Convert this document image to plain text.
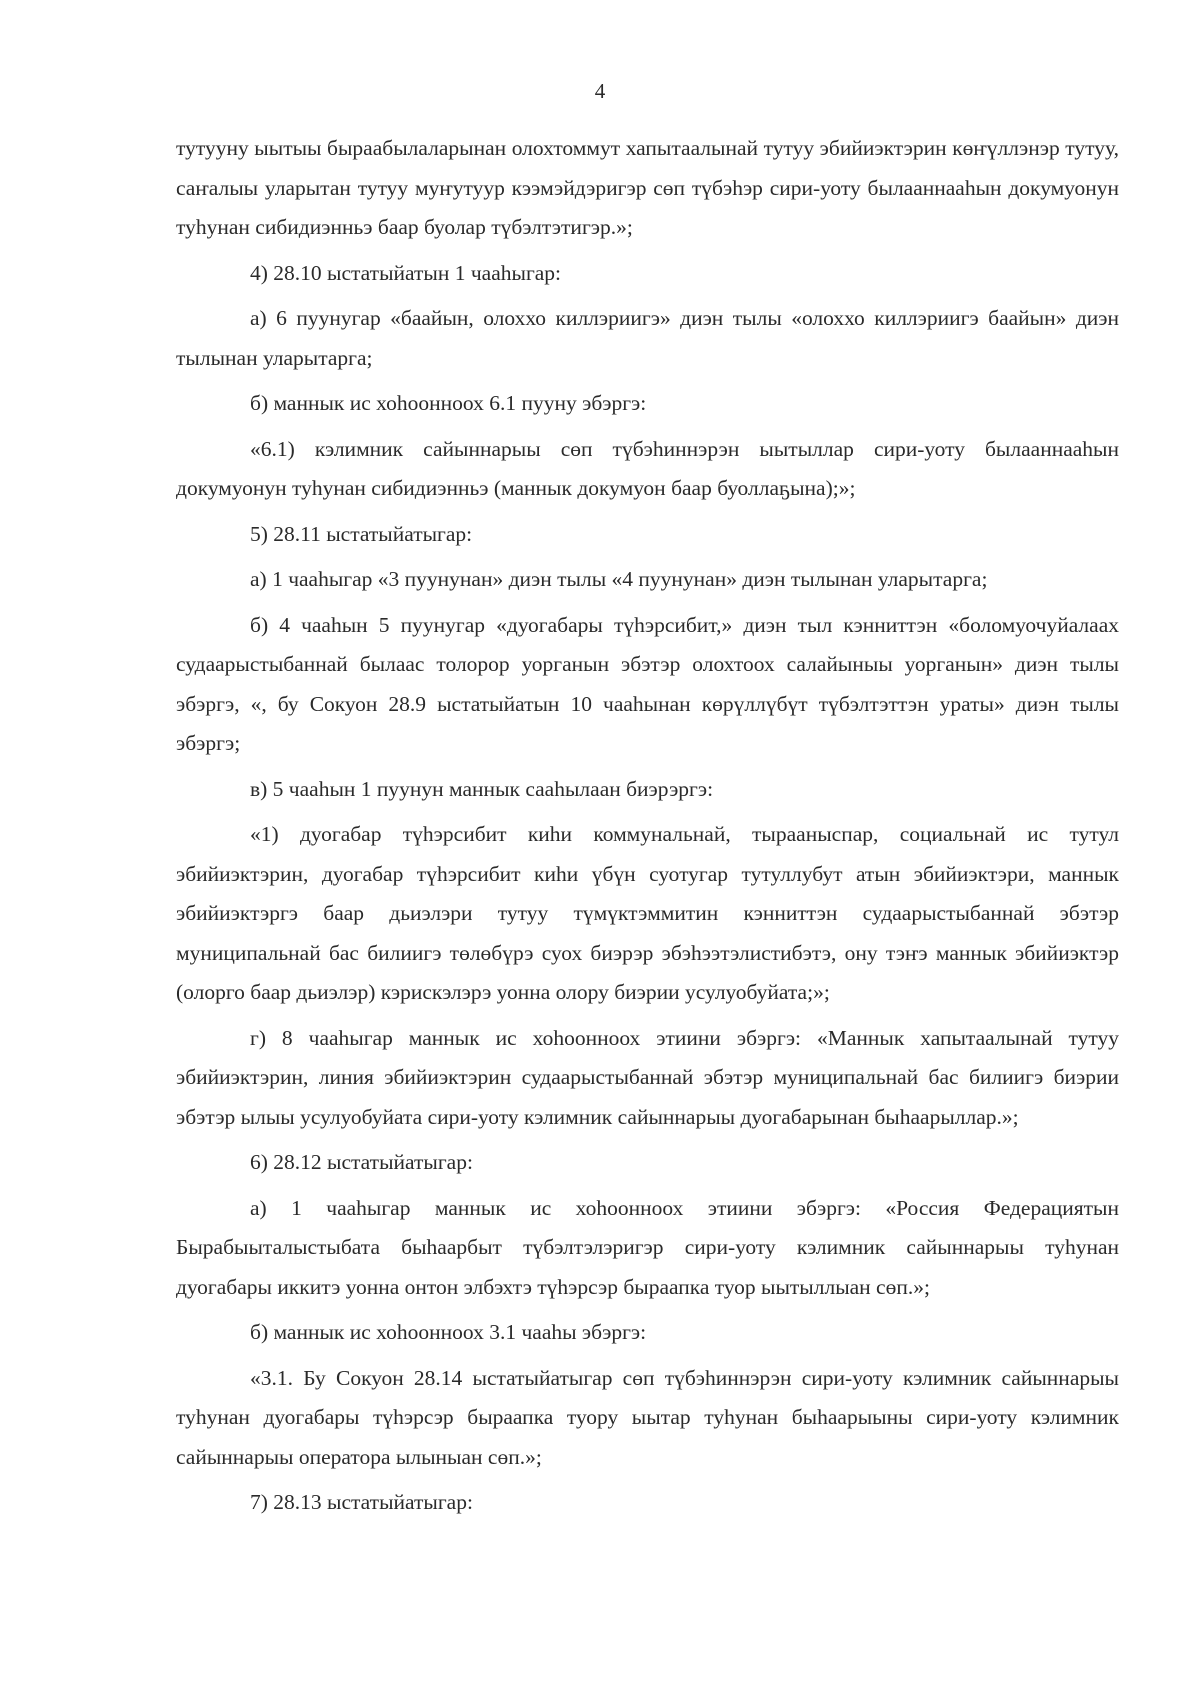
4

тутууну ыытыы бырaабылаларынан олохтоммут хапытаалынай тутуу эбийиэктэрин көҥүллэнэр тутуу, саҥалыы уларытан тутуу муҥутуур кээмэйдэригэр сөп түбэһэр сири-уоту былааннааһын докумуонун туһунан сибидиэнньэ баар буолар түбэлтэтигэр.»;

4) 28.10 ыстатыйатын 1 чааһыгар:

а) 6 пуунугар «баайын, олоххо киллэриигэ» диэн тылы «олоххо киллэриигэ баайын» диэн тылынан уларытарга;

б) маннык ис хоһоонноох 6.1 пууну эбэргэ:

«6.1) кэлимник сайыннарыы сөп түбэһиннэрэн ыытыллар сири-уоту былааннааһын докумуонун туһунан сибидиэнньэ (маннык докумуон баар буоллаҕына);»;

5) 28.11 ыстатыйатыгар:

а) 1 чааһыгар «3 пуунунан» диэн тылы «4 пуунунан» диэн тылынан уларытарга;

б) 4 чааһын 5 пуунугар «дуогабары түһэрсибит,» диэн тыл кэнниттэн «боломуочуйалаах судаарыстыбаннай былаас толорор уорганын эбэтэр олохтоох салайыныы уорганын» диэн тылы эбэргэ, «, бу Сокуон 28.9 ыстатыйатын 10 чааһынан көрүллүбүт түбэлтэттэн ураты» диэн тылы эбэргэ;

в) 5 чааһын 1 пуунун маннык сааһылаан биэрэргэ:

«1) дуогабар түһэрсибит киһи коммунальнай, тырааныспар, социальнай ис тутул эбийиэктэрин, дуогабар түһэрсибит киһи үбүн суотугар тутуллубут атын эбийиэктэри, маннык эбийиэктэргэ баар дьиэлэри тутуу түмүктэммитин кэнниттэн судаарыстыбаннай эбэтэр муниципальнай бас билиигэ төлөбүрэ суох биэрэр эбэһээтэлистибэтэ, ону тэҥэ маннык эбийиэктэр (олорго баар дьиэлэр) кэрискэлэрэ уонна олору биэрии усулуобуйата;»;

г) 8 чааһыгар маннык ис хоһоонноох этиини эбэргэ: «Маннык хапытаалынай тутуу эбийиэктэрин, линия эбийиэктэрин судаарыстыбаннай эбэтэр муниципальнай бас билиигэ биэрии эбэтэр ылыы усулуобуйата сири-уоту кэлимник сайыннарыы дуогабарынан быһаарыллар.»;

6) 28.12 ыстатыйатыгар:

а) 1 чааһыгар маннык ис хоһоонноох этиини эбэргэ: «Россия Федерациятын Бырабыыталыстыбата быһаарбыт түбэлтэлэригэр сири-уоту кэлимник сайыннарыы туһунан дуогабары иккитэ уонна онтон элбэхтэ түһэрсэр быраапка туор ыытыллыан сөп.»;

б) маннык ис хоһоонноох 3.1 чааһы эбэргэ:

«3.1. Бу Сокуон 28.14 ыстатыйатыгар сөп түбэһиннэрэн сири-уоту кэлимник сайыннарыы туһунан дуогабары түһэрсэр быраапка туору ыытар туһунан быһаарыыны сири-уоту кэлимник сайыннарыы оператора ылыныан сөп.»;

7) 28.13 ыстатыйатыгар:
